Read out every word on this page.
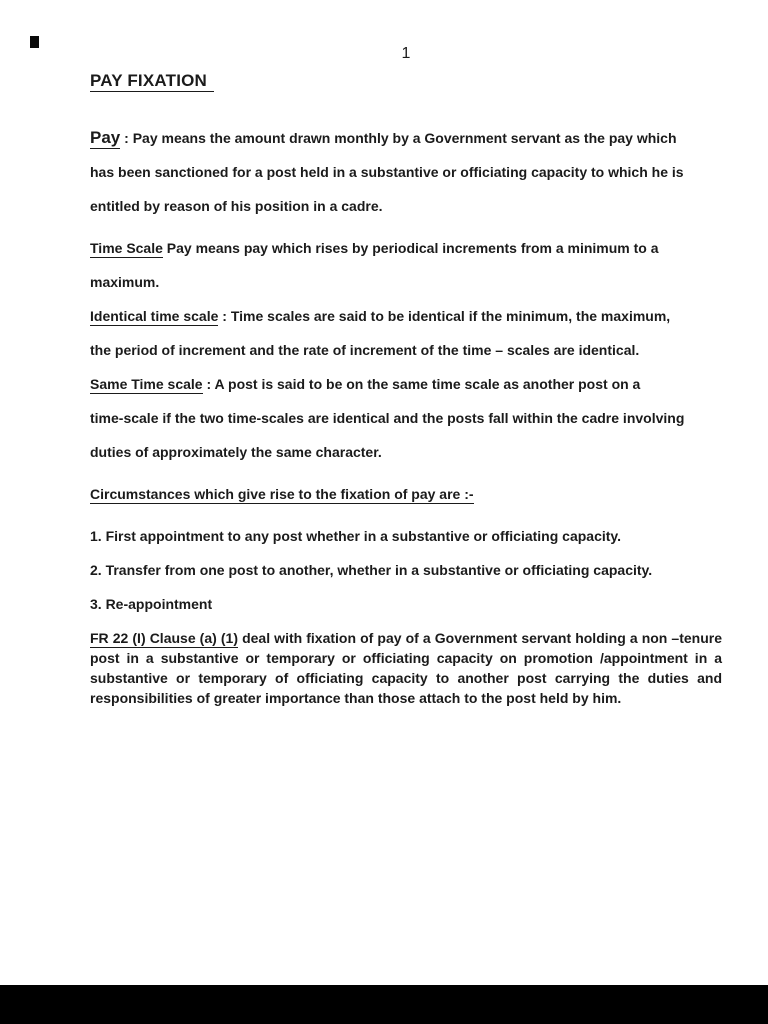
1
PAY FIXATION

Pay : Pay means the amount drawn monthly by a Government servant as the pay which

has been sanctioned for a post held in a substantive or officiating capacity to which he is

entitled by reason of his position in a cadre.

Time Scale Pay means pay which rises by periodical increments from a minimum to a

maximum.

Identical time scale : Time scales are said to be identical if the minimum, the maximum,

the period of increment and the rate of increment of the time – scales are identical.

Same Time scale : A post is said to be on the same time scale as another post on a

time-scale if the two time-scales are identical and the posts fall within the cadre involving

duties of approximately the same character.

Circumstances which give rise to the fixation of pay are :-

1. First appointment to any post whether in a substantive or officiating capacity.

2. Transfer from one post to another, whether in a substantive or officiating capacity.

3. Re-appointment

FR 22 (I) Clause (a) (1) deal with fixation of pay of a Government servant holding a non –tenure post in a substantive or temporary or officiating capacity on promotion /appointment in a substantive or temporary of officiating capacity to another post carrying the duties and responsibilities of greater importance than those attach to the post held by him.
